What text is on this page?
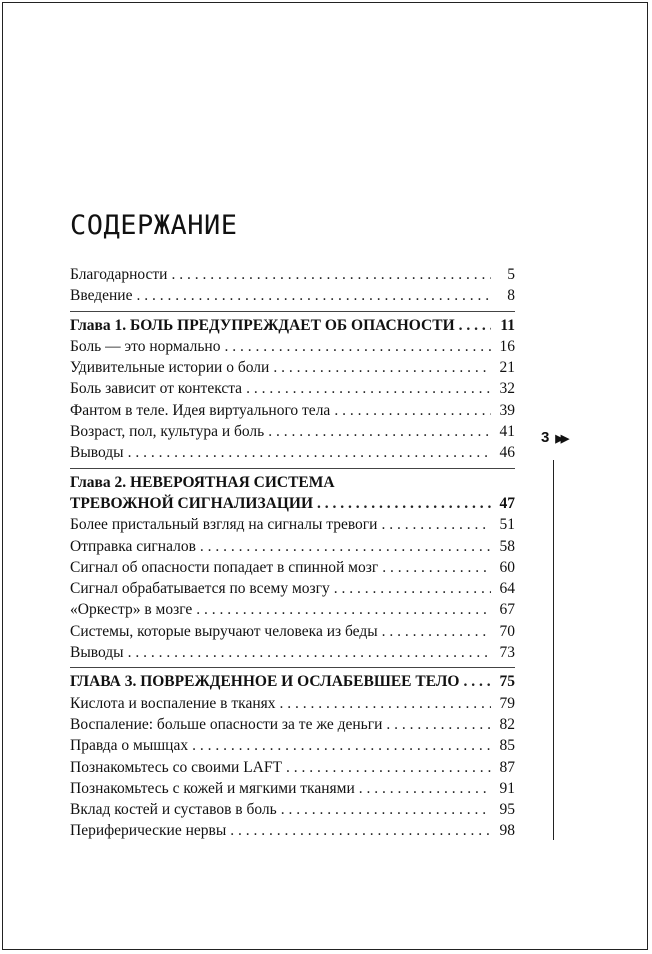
СОДЕРЖАНИЕ
Благодарности . . .	5
Введение . . .	8
Глава 1. БОЛЬ ПРЕДУПРЕЖДАЕТ ОБ ОПАСНОСТИ . . .	11
Боль — это нормально . . .	16
Удивительные истории о боли . . .	21
Боль зависит от контекста . . .	32
Фантом в теле. Идея виртуального тела . . .	39
Возраст, пол, культура и боль . . .	41
Выводы . . .	46
Глава 2. НЕВЕРОЯТНАЯ СИСТЕМА
ТРЕВОЖНОЙ СИГНАЛИЗАЦИИ . . .	47
Более пристальный взгляд на сигналы тревоги . . .	51
Отправка сигналов . . .	58
Сигнал об опасности попадает в спинной мозг . . .	60
Сигнал обрабатывается по всему мозгу . . .	64
«Оркестр» в мозге . . .	67
Системы, которые выручают человека из беды . . .	70
Выводы . . .	73
ГЛАВА 3. ПОВРЕЖДЕННОЕ И ОСЛАБЕВШЕЕ ТЕЛО . . .	75
Кислота и воспаление в тканях . . .	79
Воспаление: больше опасности за те же деньги . . .	82
Правда о мышцах . . .	85
Познакомьтесь со своими LAFT . . .	87
Познакомьтесь с кожей и мягкими тканями . . .	91
Вклад костей и суставов в боль . . .	95
Периферические нервы . . .	98
3 ▶▶
